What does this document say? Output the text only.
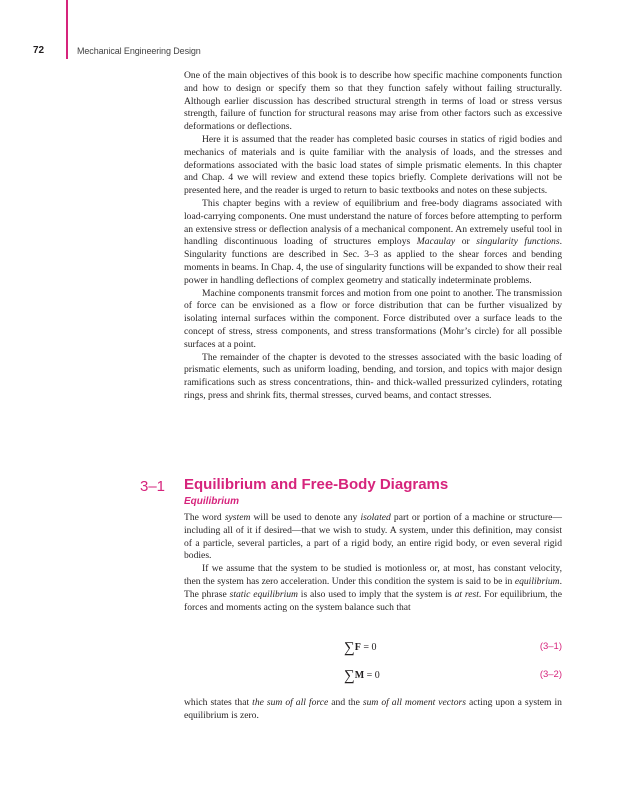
72	Mechanical Engineering Design

One of the main objectives of this book is to describe how specific machine components function and how to design or specify them so that they function safely without failing structurally. Although earlier discussion has described structural strength in terms of load or stress versus strength, failure of function for structural reasons may arise from other factors such as excessive deformations or deflections.

Here it is assumed that the reader has completed basic courses in statics of rigid bodies and mechanics of materials and is quite familiar with the analysis of loads, and the stresses and deformations associated with the basic load states of simple prismatic elements. In this chapter and Chap. 4 we will review and extend these topics briefly. Complete derivations will not be presented here, and the reader is urged to return to basic textbooks and notes on these subjects.

This chapter begins with a review of equilibrium and free-body diagrams associated with load-carrying components. One must understand the nature of forces before attempting to perform an extensive stress or deflection analysis of a mechanical component. An extremely useful tool in handling discontinuous loading of structures employs Macaulay or singularity functions. Singularity functions are described in Sec. 3–3 as applied to the shear forces and bending moments in beams. In Chap. 4, the use of singularity functions will be expanded to show their real power in handling deflections of complex geometry and statically indeterminate problems.

Machine components transmit forces and motion from one point to another. The transmission of force can be envisioned as a flow or force distribution that can be further visualized by isolating internal surfaces within the component. Force distributed over a surface leads to the concept of stress, stress components, and stress transformations (Mohr’s circle) for all possible surfaces at a point.

The remainder of the chapter is devoted to the stresses associated with the basic loading of prismatic elements, such as uniform loading, bending, and torsion, and topics with major design ramifications such as stress concentrations, thin- and thick-walled pressurized cylinders, rotating rings, press and shrink fits, thermal stresses, curved beams, and contact stresses.

3–1 Equilibrium and Free-Body Diagrams
Equilibrium

The word system will be used to denote any isolated part or portion of a machine or structure—including all of it if desired—that we wish to study. A system, under this definition, may consist of a particle, several particles, a part of a rigid body, an entire rigid body, or even several rigid bodies.

If we assume that the system to be studied is motionless or, at most, has constant velocity, then the system has zero acceleration. Under this condition the system is said to be in equilibrium. The phrase static equilibrium is also used to imply that the system is at rest. For equilibrium, the forces and moments acting on the system balance such that

∑F = 0	(3–1)
∑M = 0	(3–2)

which states that the sum of all force and the sum of all moment vectors acting upon a system in equilibrium is zero.
